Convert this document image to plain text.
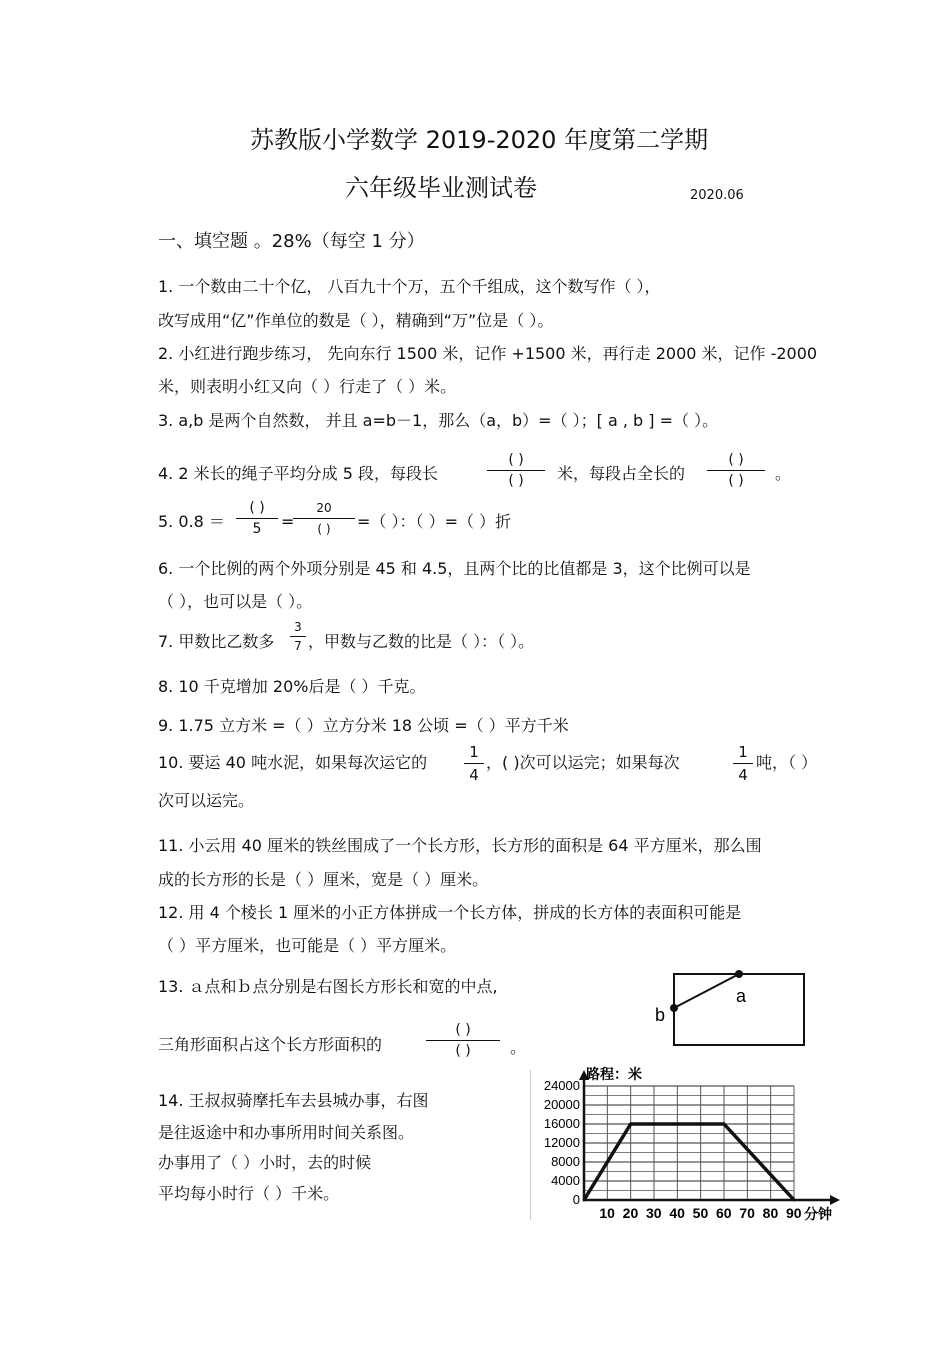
苏教版小学数学 2019-2020 年度第二学期
六年级毕业测试卷	2020.06
一、填空题 。28%（每空 1 分）
1. 一个数由二十个亿， 八百九十个万，五个千组成，这个数写作（ ），
改写成用“亿”作单位的数是（ ），精确到“万”位是（ ）。
2. 小红进行跑步练习， 先向东行 1500 米，记作 +1500 米，再行走 2000 米，记作 -2000
米，则表明小红又向（ ）行走了（ ）米。
3. a,b 是两个自然数， 并且 a=b－1，那么（a，b）=（ ）；[ a , b ] =（ ）。
4. 2 米长的绳子平均分成 5 段，每段长
( )
( )	米，每段占全长的
( )
( )	。
5. 0.8 ＝
( )
5	=
20
( )	=（ ）：（ ）=（ ）折
6. 一个比例的两个外项分别是 45 和 4.5，且两个比的比值都是 3，这个比例可以是
（ ），也可以是（ ）。
7. 甲数比乙数多
3
7 ，甲数与乙数的比是（ ）：（ ）。
8. 10 千克增加 20%后是（ ）千克。
9. 1.75 立方米 =（ ）立方分米 18 公顷 =（ ）平方千米
10. 要运 40 吨水泥，如果每次运它的
1
4
，( )次可以运完；如果每次
1
4
吨，（ ）
次可以运完。
11. 小云用 40 厘米的铁丝围成了一个长方形，长方形的面积是 64 平方厘米，那么围
成的长方形的长是（ ）厘米，宽是（ ）厘米。
12. 用 4 个棱长 1 厘米的小正方体拼成一个长方体，拼成的长方体的表面积可能是
（ ）平方厘米，也可能是（ ）平方厘米。
13. ａ点和ｂ点分别是右图长方形长和宽的中点,
三角形面积占这个长方形面积的
( )
( )	。
a
b
14. 王叔叔骑摩托车去县城办事，右图
是往返途中和办事所用时间关系图。
办事用了（ ）小时，去的时候
平均每小时行（ ）千米。
10 20 30 40 50 60 70 80 90
0
4000
8000
12000
16000
20000
24000
路程：米
分钟
